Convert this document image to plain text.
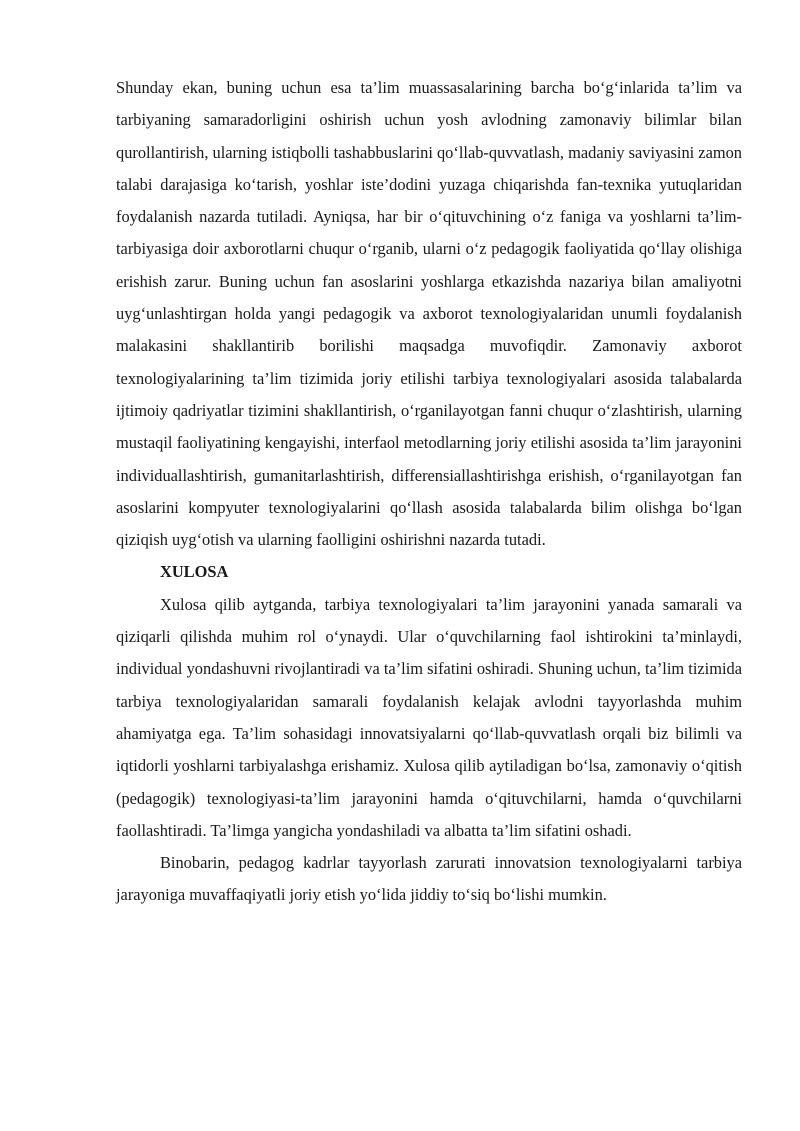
Shunday ekan, buning uchun esa ta’lim muassasalarining barcha bo‘g‘inlarida ta’lim va tarbiyaning samaradorligini oshirish uchun yosh avlodning zamonaviy bilimlar bilan qurollantirish, ularning istiqbolli tashabbuslarini qo‘llab-quvvatlash, madaniy saviyasini zamon talabi darajasiga ko‘tarish, yoshlar iste’dodini yuzaga chiqarishda fan-texnika yutuqlaridan foydalanish nazarda tutiladi. Ayniqsa, har bir o‘qituvchining o‘z faniga va yoshlarni ta’lim-tarbiyasiga doir axborotlarni chuqur o‘rganib, ularni o‘z pedagogik faoliyatida qo‘llay olishiga erishish zarur. Buning uchun fan asoslarini yoshlarga etkazishda nazariya bilan amaliyotni uyg‘unlashtirgan holda yangi pedagogik va axborot texnologiyalaridan unumli foydalanish malakasini shakllantirib borilishi maqsadga muvofiqdir. Zamonaviy axborot texnologiyalarining ta’lim tizimida joriy etilishi tarbiya texnologiyalari asosida talabalarda ijtimoiy qadriyatlar tizimini shakllantirish, o‘rganilayotgan fanni chuqur o‘zlashtirish, ularning mustaqil faoliyatining kengayishi, interfaol metodlarning joriy etilishi asosida ta’lim jarayonini individuallashtirish, gumanitarlashtirish, differensiallashtirishga erishish, o‘rganilayotgan fan asoslarini kompyuter texnologiyalarini qo‘llash asosida talabalarda bilim olishga bo‘lgan qiziqish uyg‘otish va ularning faolligini oshirishni nazarda tutadi.

XULOSA

Xulosa qilib aytganda, tarbiya texnologiyalari ta’lim jarayonini yanada samarali va qiziqarli qilishda muhim rol o‘ynaydi. Ular o‘quvchilarning faol ishtirokini ta’minlaydi, individual yondashuvni rivojlantiradi va ta’lim sifatini oshiradi. Shuning uchun, ta’lim tizimida tarbiya texnologiyalaridan samarali foydalanish kelajak avlodni tayyorlashda muhim ahamiyatga ega. Ta’lim sohasidagi innovatsiyalarni qo‘llab-quvvatlash orqali biz bilimli va iqtidorli yoshlarni tarbiyalashga erishamiz. Xulosa qilib aytiladigan bo‘lsa, zamonaviy o‘qitish (pedagogik) texnologiyasi-ta’lim jarayonini hamda o‘qituvchilarni, hamda o‘quvchilarni faollashtiradi. Ta’limga yangicha yondashiladi va albatta ta’lim sifatini oshadi.

Binobarin, pedagog kadrlar tayyorlash zarurati innovatsion texnologiyalarni tarbiya jarayoniga muvaffaqiyatli joriy etish yo‘lida jiddiy to‘siq bo‘lishi mumkin.
